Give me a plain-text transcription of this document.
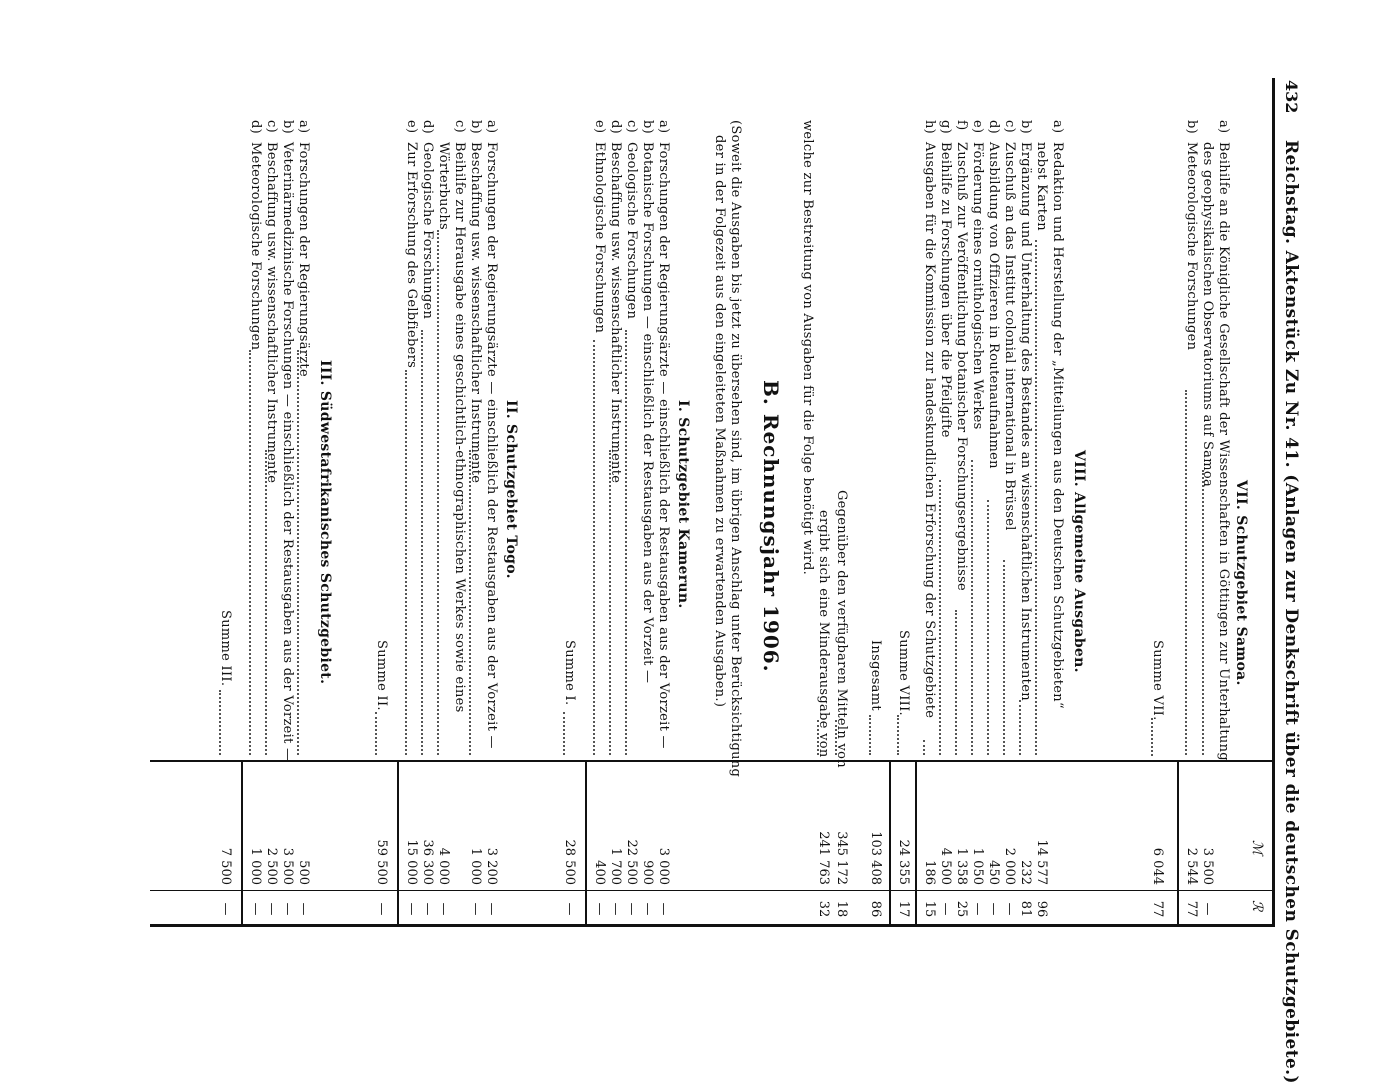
432
Reichstag. Aktenstück Zu Nr. 41. (Anlagen zur Denkschrift über die deutschen Schutzgebiete.)
ℳ
ℛ
VII. Schutzgebiet Samoa.
a)
Beihilfe an die Königliche Gesellschaft der Wissenschaften in Göttingen zur Unterhaltung
des geophysikalischen Observatoriums auf Samoa
3 500
—
b)
Meteorologische Forschungen
2 544
77
Summe VII.
6 044
77
VIII. Allgemeine Ausgaben.
a)
Redaktion und Herstellung der „Mitteilungen aus den Deutschen Schutzgebieten“
nebst Karten
14 577
96
b)
Ergänzung und Unterhaltung des Bestandes an wissenschaftlichen Instrumenten
232
81
c)
Zuschuß an das Institut colonial international in Brüssel
2 000
—
d)
Ausbildung von Offizieren in Routenaufnahmen
450
—
e)
Förderung eines ornithologischen Werkes
1 050
—
f)
Zuschuß zur Veröffentlichung botanischer Forschungsergebnisse
1 358
25
g)
Beihilfe zu Forschungen über die Pfeilgifte
4 500
—
h)
Ausgaben für die Kommission zur landeskundlichen Erforschung der Schutzgebiete
186
15
Summe VIII.
24 355
17
Insgesamt
103 408
86
Gegenüber den verfügbaren Mitteln von
345 172
18
ergibt sich eine Minderausgabe von
241 763
32
welche zur Bestreitung von Ausgaben für die Folge benötigt wird.
B. Rechnungsjahr 1906.
(Soweit die Ausgaben bis jetzt zu übersehen sind, im übrigen Anschlag unter Berücksichtigung
der in der Folgezeit aus den eingeleiteten Maßnahmen zu erwartenden Ausgaben.)
I. Schutzgebiet Kamerun.
a)
Forschungen der Regierungsärzte — einschließlich der Restausgaben aus der Vorzeit —
3 000
—
b)
Botanische Forschungen — einschließlich der Restausgaben aus der Vorzeit —
900
—
c)
Geologische Forschungen
22 500
—
d)
Beschaffung usw. wissenschaftlicher Instrumente
1 700
—
e)
Ethnologische Forschungen
400
—
Summe I.
28 500
—
II. Schutzgebiet Togo.
a)
Forschungen der Regierungsärzte — einschließlich der Restausgaben aus der Vorzeit —
3 200
—
b)
Beschaffung usw. wissenschaftlicher Instrumente
1 000
—
c)
Beihilfe zur Herausgabe eines geschichtlich-ethnographischen Werkes sowie eines
Wörterbuchs
4 000
—
d)
Geologische Forschungen
36 300
—
e)
Zur Erforschung des Gelbfiebers
15 000
—
Summe II.
59 500
—
III. Südwestafrikanisches Schutzgebiet.
a)
Forschungen der Regierungsärzte
500
—
b)
Veterinärmedizinische Forschungen — einschließlich der Restausgaben aus der Vorzeit —
3 500
—
c)
Beschaffung usw. wissenschaftlicher Instrumente
2 500
—
d)
Meteorologische Forschungen
1 000
—
Summe III.
7 500
—
